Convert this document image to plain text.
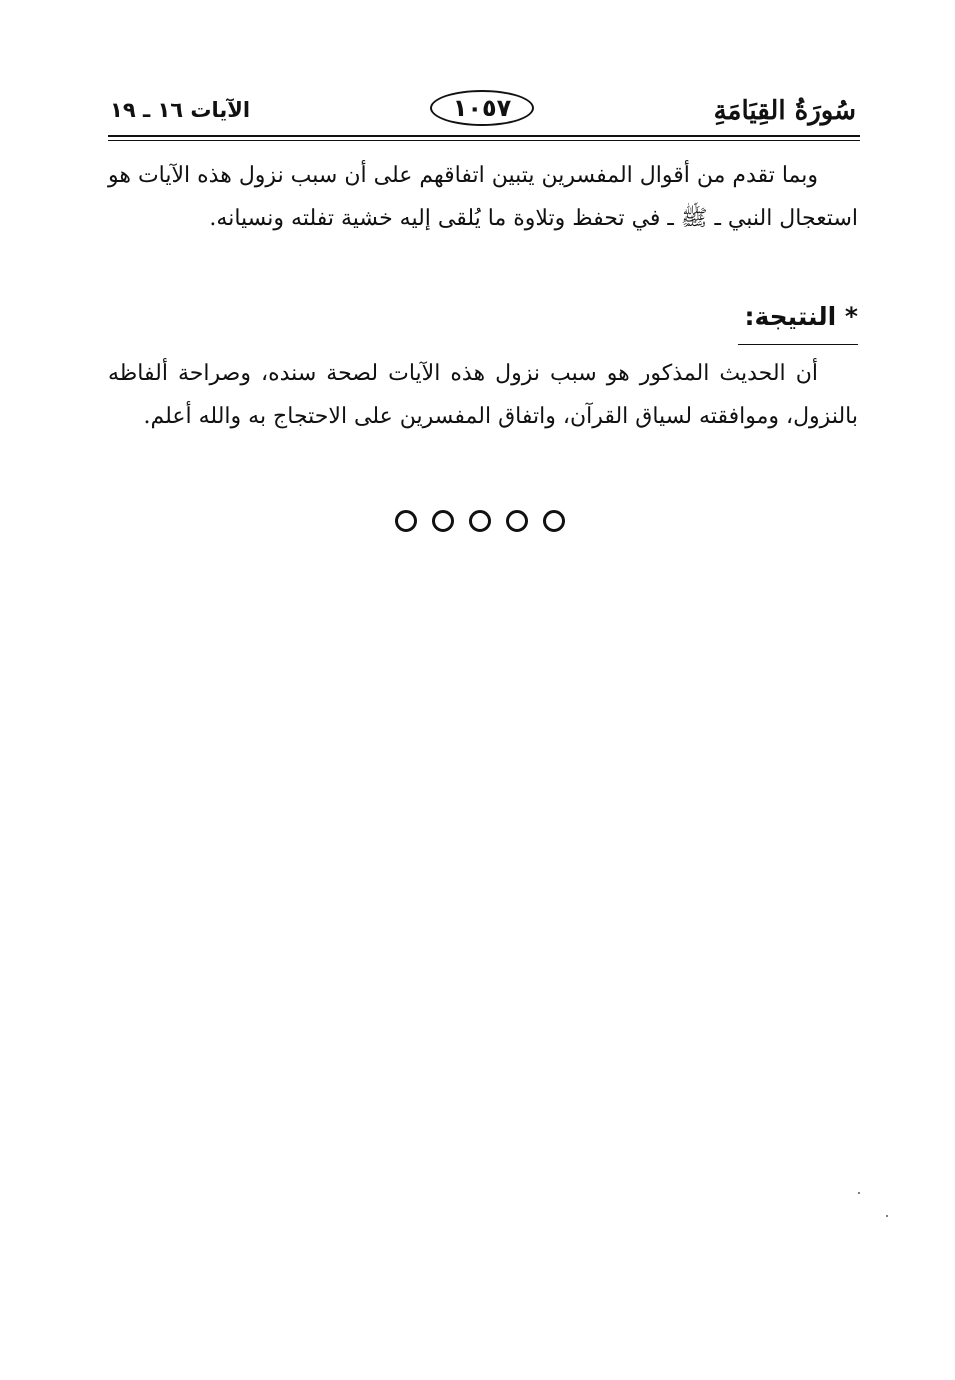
سُورَةُ القِيَامَةِ
١٠٥٧
الآيات ١٦ ـ ١٩

وبما تقدم من أقوال المفسرين يتبين اتفاقهم على أن سبب نزول هذه الآيات هو استعجال النبي ـ ﷺ ـ في تحفظ وتلاوة ما يُلقى إليه خشية تفلته ونسيانه.

* النتيجة:

أن الحديث المذكور هو سبب نزول هذه الآيات لصحة سنده، وصراحة ألفاظه بالنزول، وموافقته لسياق القرآن، واتفاق المفسرين على الاحتجاج به والله أعلم.
